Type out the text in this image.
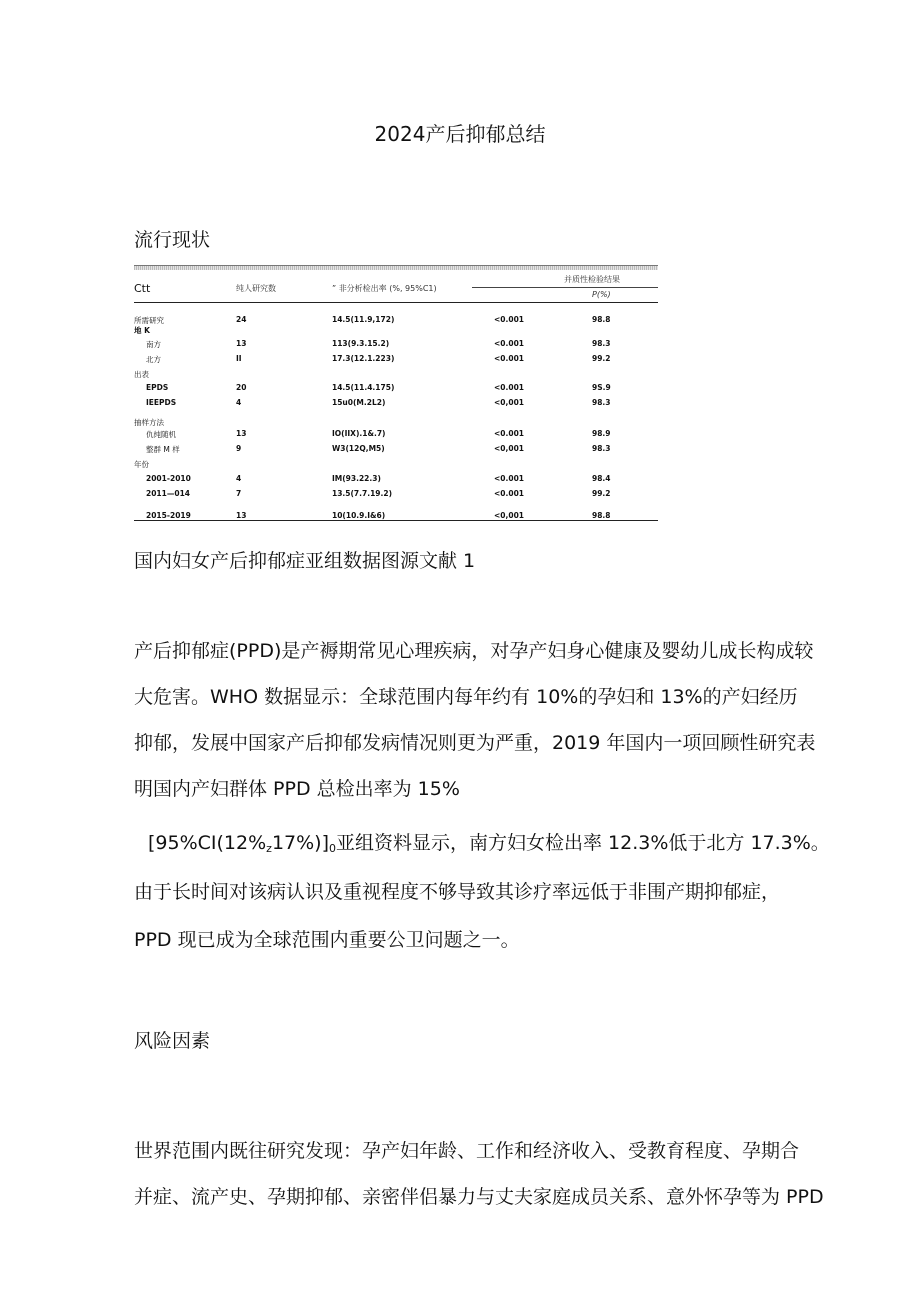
2024产后抑郁总结
流行现状
Ctt	纯人研究数	” 非分析检出率 (%, 95%C1)
并质性检验结果
P(%)
所需研究	24	14.5(11.9,172)	<0.001	98.8
地 K
南方	13	113(9.3.15.2)	<0.001	98.3
北方	II	17.3(12.1.223)	<0.001	99.2
出表
EPDS	20	14.5(11.4.175)	<0.001	9S.9
IEEPDS	4	15u0(M.2L2)	<0,001	98.3
抽样方法
仇纯随机	13	IO(IIX).1&.7)	<0.001	98.9
整群 M 样	9	W3(12Q,M5)	<0,001	98.3
年份
2001-2010	4	IM(93.22.3)	<0.001	98.4
2011—014	7	13.5(7.7.19.2)	<0.001	99.2
2015-2019	13	10(10.9.I&6)	<0,001	98.8
国内妇女产后抑郁症亚组数据图源文献 1
产后抑郁症(PPD)是产褥期常见心理疾病，对孕产妇身心健康及婴幼儿成长构成较
大危害。WHO 数据显示：全球范围内每年约有 10%的孕妇和 13%的产妇经历
抑郁，发展中国家产后抑郁发病情况则更为严重，2019 年国内一项回顾性研究表
明国内产妇群体 PPD 总检出率为 15%
$[95\%CI(12\%_z17\%)]_0$亚组资料显示，南方妇女检出率 12.3%低于北方 17.3%。
由于长时间对该病认识及重视程度不够导致其诊疗率远低于非围产期抑郁症，
PPD 现已成为全球范围内重要公卫问题之一。
风险因素
世界范围内既往研究发现：孕产妇年龄、工作和经济收入、受教育程度、孕期合
并症、流产史、孕期抑郁、亲密伴侣暴力与丈夫家庭成员关系、意外怀孕等为 PPD
